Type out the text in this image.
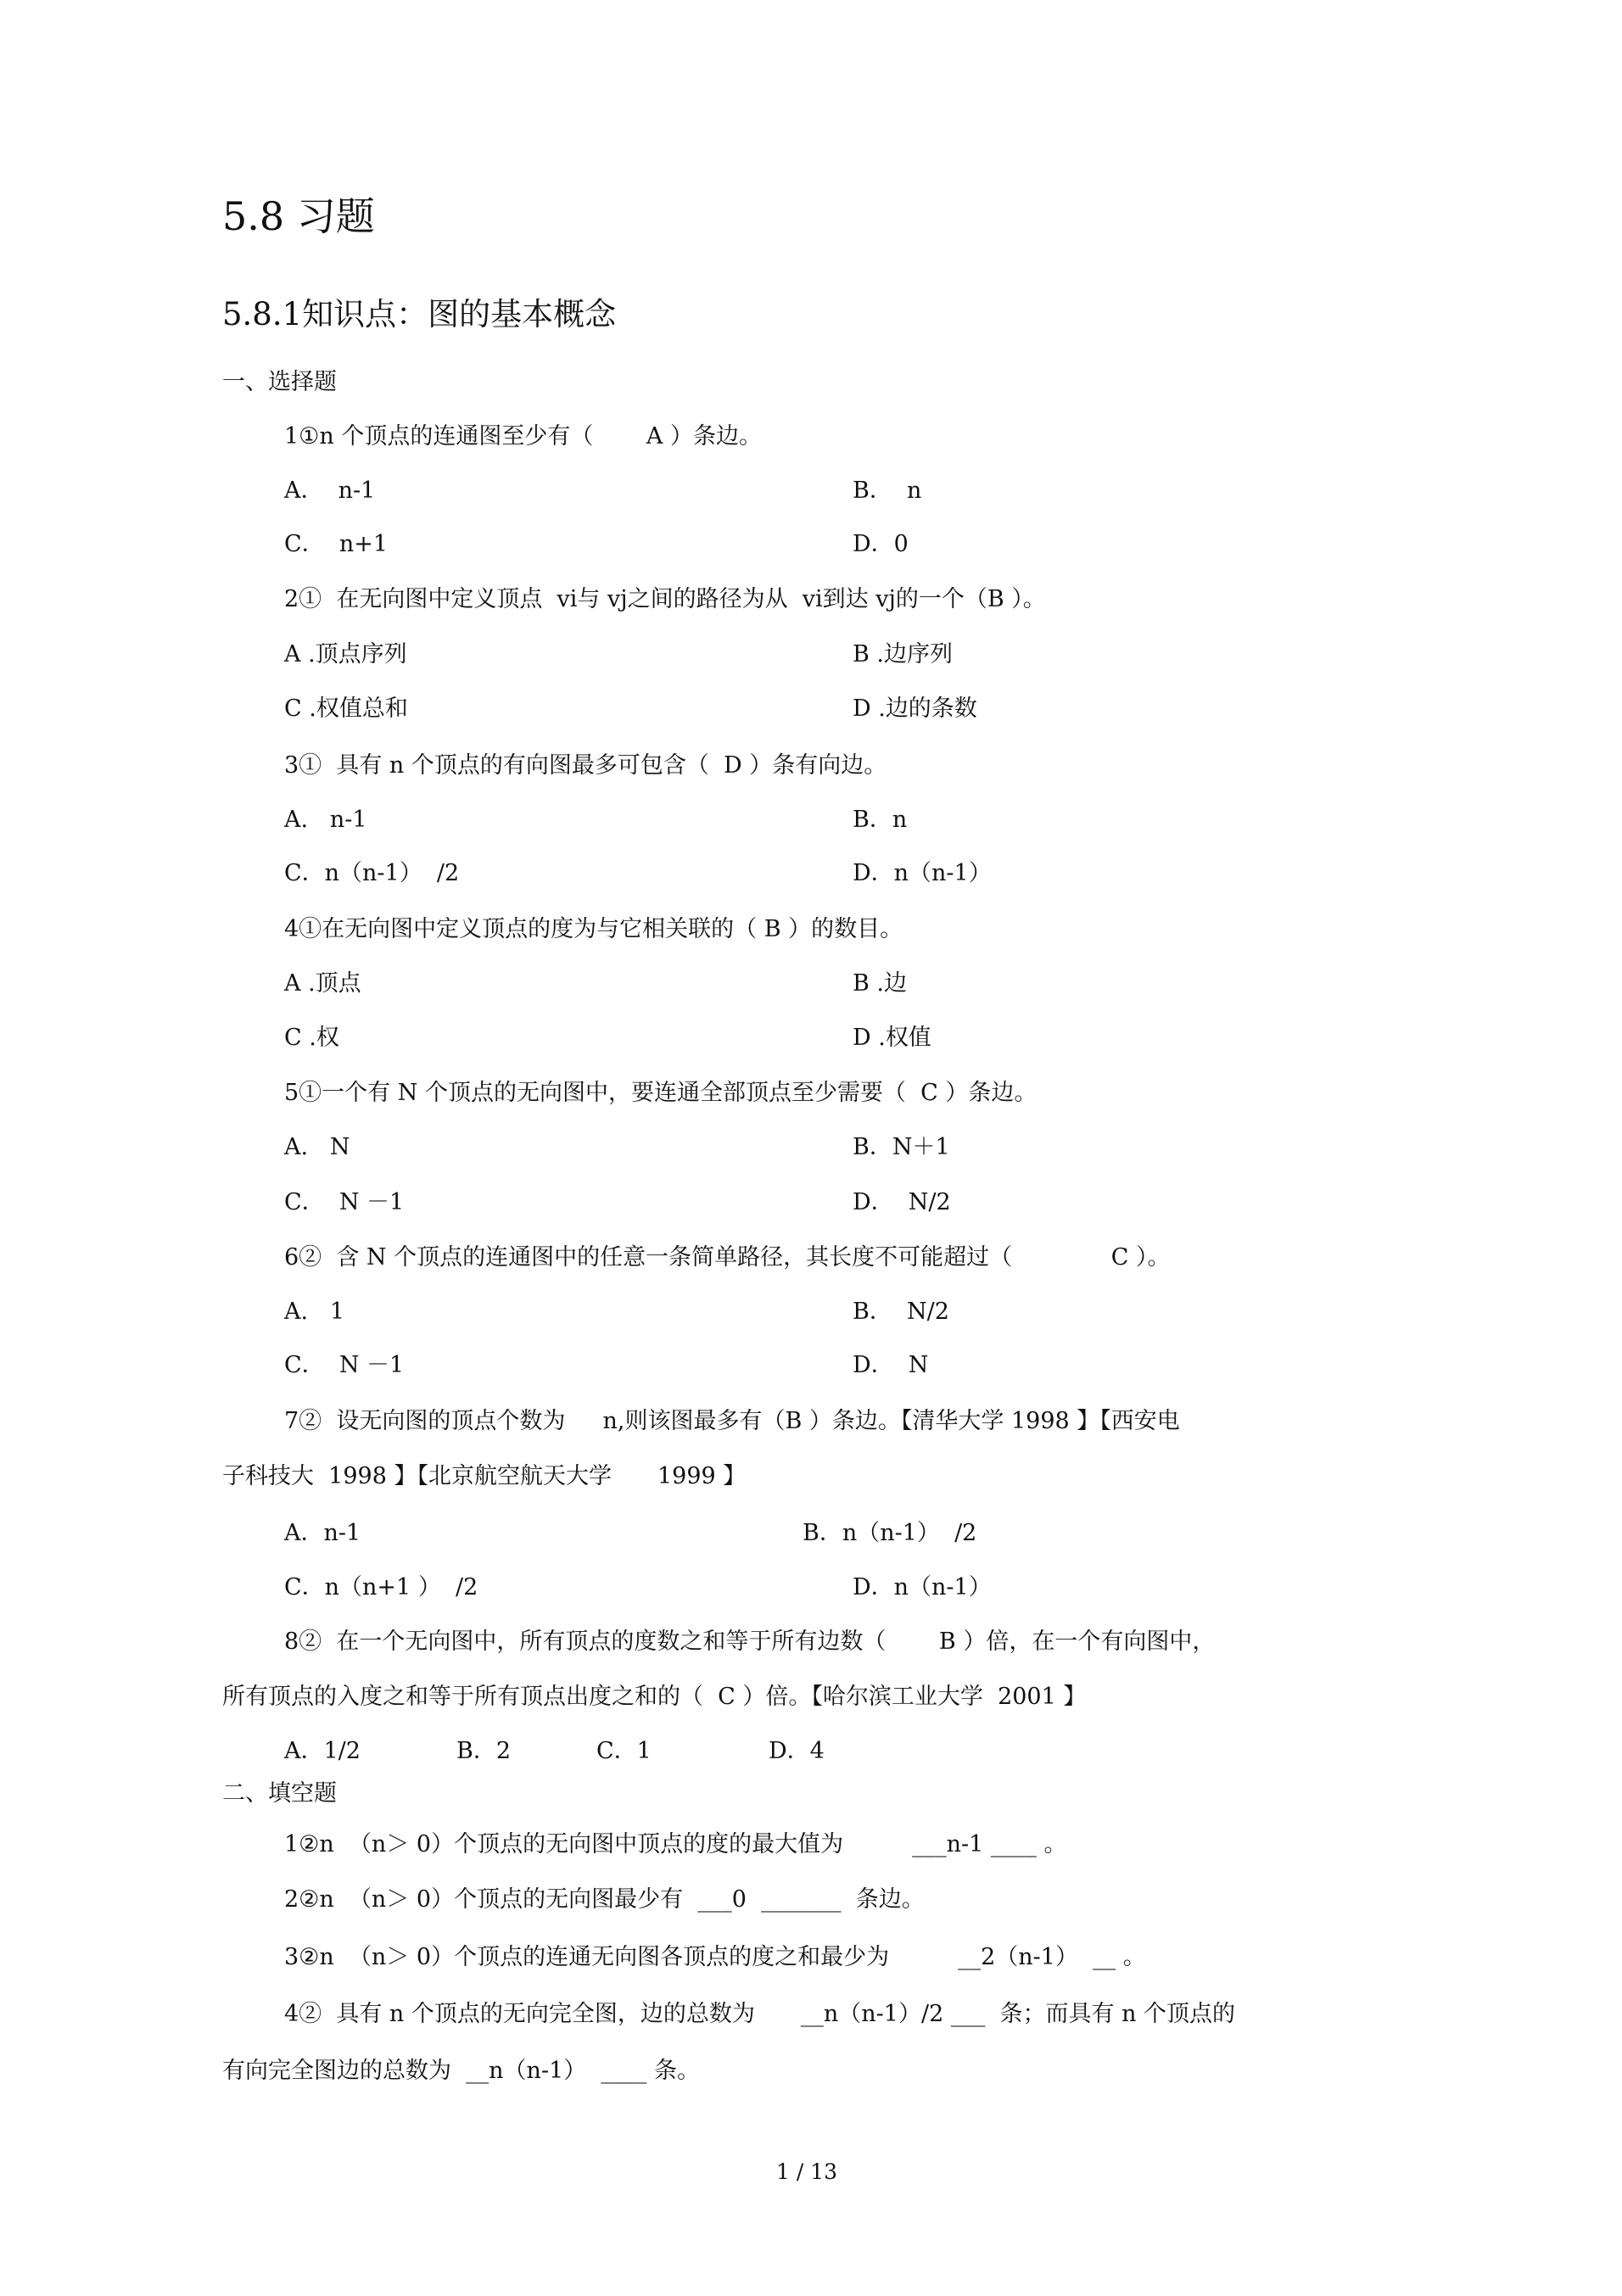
5.8 习题
5.8.1知识点：图的基本概念
一、选择题
1①n 个顶点的连通图至少有（　　 A ）条边。
A．  n-1	B．  n
C．  n+1	D．0
2①  在无向图中定义顶点  vi与 vj之间的路径为从  vi到达 vj的一个（B ）。
A .顶点序列	B .边序列
C .权值总和	D .边的条数
3①  具有 n 个顶点的有向图最多可包含（  D ）条有向边。
A.   n-1	B．n
C．n（n-1）  /2	D．n（n-1）
4①在无向图中定义顶点的度为与它相关联的（ B ）的数目。
A .顶点	B .边
C .权	D .权值
5①一个有 N 个顶点的无向图中，要连通全部顶点至少需要（  C ）条边。
A.   N	B．N＋1
C．  N －1	D．  N/2
6②  含 N 个顶点的连通图中的任意一条简单路径，其长度不可能超过（　　　　 C ）。
A.   1	B．  N/2
C．  N －1	D．  N
7②  设无向图的顶点个数为　  n,则该图最多有（B ）条边。【清华大学 1998 】【西安电
子科技大  1998 】【北京航空航天大学　　1999 】
A．n-1	B．n（n-1）  /2
C．n（n+1 ）  /2	D．n（n-1）
8②  在一个无向图中，所有顶点的度数之和等于所有边数（　　 B ）倍，在一个有向图中，
所有顶点的入度之和等于所有顶点出度之和的（  C ）倍。【哈尔滨工业大学  2001 】
A．1/2	B．2	C．1	D．4
二、填空题
1②n  （n＞ 0）个顶点的无向图中顶点的度的最大值为　　　___n-1 ____ 。
2②n  （n＞ 0）个顶点的无向图最少有  ___0  _______  条边。
3②n  （n＞ 0）个顶点的连通无向图各顶点的度之和最少为　　　__2（n-1）  __ 。
4②  具有 n 个顶点的无向完全图，边的总数为　　__n（n-1）/2 ___  条；而具有 n 个顶点的
有向完全图边的总数为  __n（n-1）  ____ 条。
1 / 13
